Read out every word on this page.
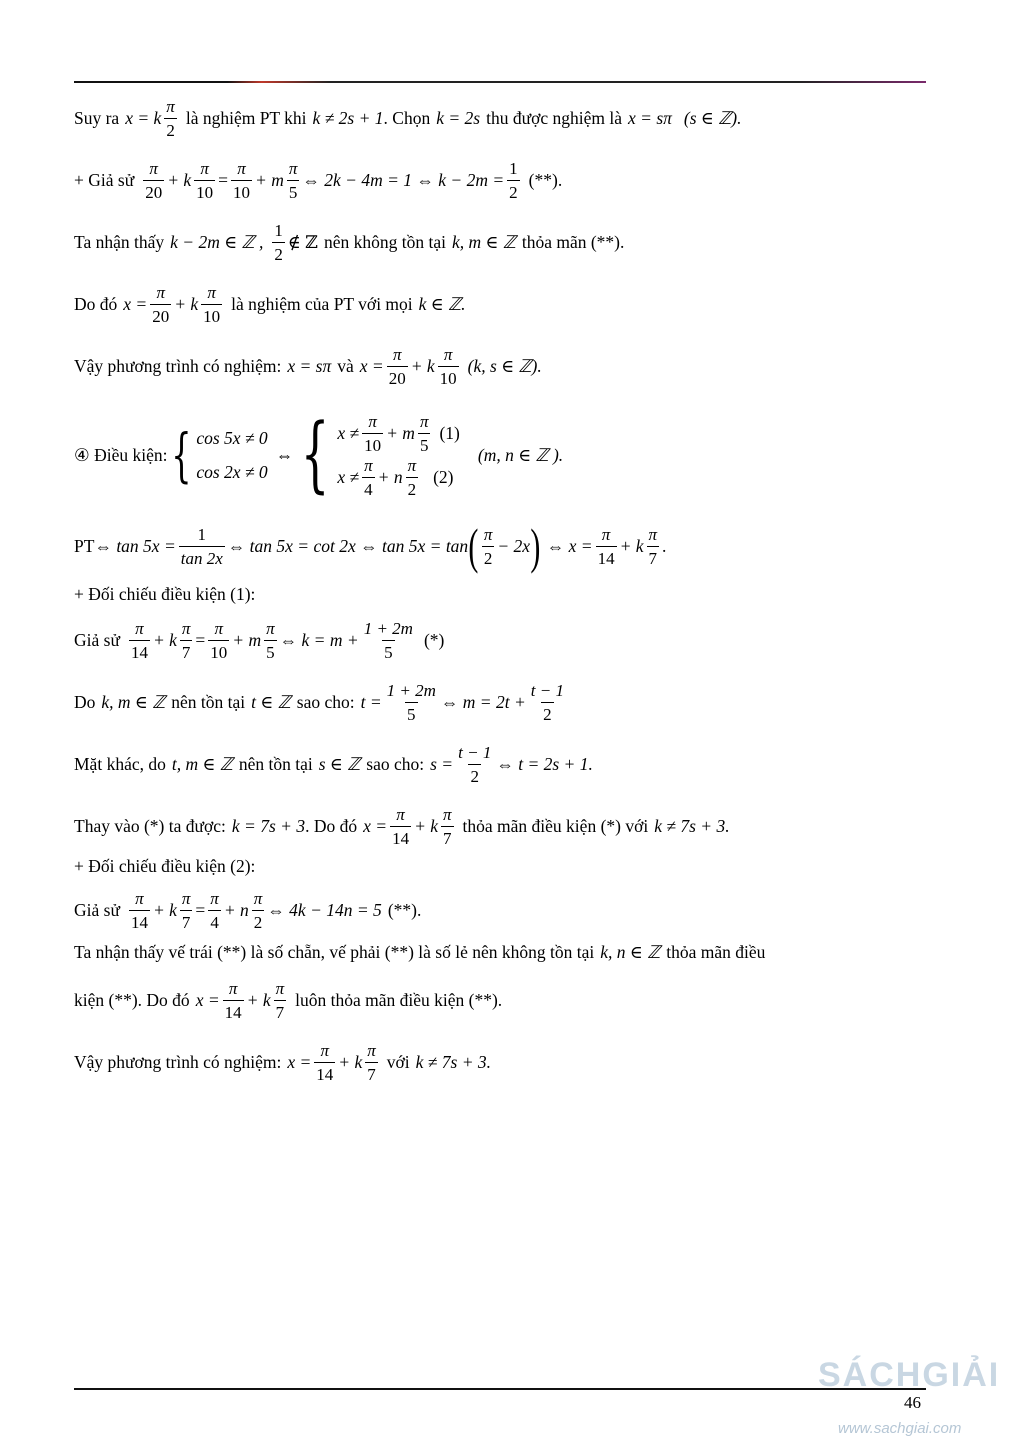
Suy ra x = k $\frac{\pi}{2}$ là nghiệm PT khi k ≠ 2s + 1 . Chọn k = 2s thu được nghiệm là x = sπ (s ∈ ℤ).
+ Giả sử $\frac{\pi}{20} + k \frac{\pi}{10} = \frac{\pi}{10} + m \frac{\pi}{5}$ ⇔ 2k − 4m = 1 ⇔ $k - 2m = \frac{1}{2}$ (**).
Ta nhận thấy k − 2m ∈ ℤ , $\frac{1}{2}$ ∉ ℤ nên không tồn tại k, m ∈ ℤ thỏa mãn (**).
Do đó $x = \frac{\pi}{20} + k \frac{\pi}{10}$ là nghiệm của PT với mọi k ∈ ℤ.
Vậy phương trình có nghiệm: x = sπ và $x = \frac{\pi}{20} + k \frac{\pi}{10} (k$, s ∈ ℤ).
④ Điều kiện: { cos 5x ≠ 0
cos 2x ≠ 0
⇔ { $x \ne \frac{\pi}{10} + m \frac{\pi}{5} (1)$
$x \ne \frac{\pi}{4} + n \frac{\pi}{2} (2)$
(m, n ∈ ℤ ).
PT ⇔ $\tan 5x = \frac{1}{\tan 2x}$ ⇔ tan 5x = cot 2x ⇔ tan 5x = tan ( $\frac{\pi}{2} - 2x$ ) ⇔ $x = \frac{\pi}{14} + k \frac{\pi}{7}$ .
+ Đối chiếu điều kiện (1):
Giả sử $\frac{\pi}{14} + k \frac{\pi}{7} = \frac{\pi}{10} + m \frac{\pi}{5}$ ⇔ $k = m + \frac{1 + 2m}{5}$ (*)
Do k, m ∈ ℤ nên tồn tại t ∈ ℤ sao cho: $t = \frac{1 + 2m}{5}$ ⇔ $m = 2t + \frac{t - 1}{2}$
Mặt khác, do t, m ∈ ℤ nên tồn tại s ∈ ℤ sao cho: $s = \frac{t - 1}{2}$ ⇔ t = 2s + 1.
Thay vào (*) ta được: k = 7s + 3 . Do đó $x = \frac{\pi}{14} + k \frac{\pi}{7}$ thỏa mãn điều kiện (*) với k ≠ 7s + 3.
+ Đối chiếu điều kiện (2):
Giả sử $\frac{\pi}{14} + k \frac{\pi}{7} = \frac{\pi}{4} + n \frac{\pi}{2}$ ⇔ 4k − 14n = 5 (**).
Ta nhận thấy vế trái (**) là số chẵn, vế phải (**) là số lẻ nên không tồn tại k, n ∈ ℤ thỏa mãn điều
kiện (**). Do đó $x = \frac{\pi}{14} + k \frac{\pi}{7}$ luôn thỏa mãn điều kiện (**).
Vậy phương trình có nghiệm: $x = \frac{\pi}{14} + k \frac{\pi}{7}$ với k ≠ 7s + 3.
SÁCHGIẢI
46
www.sachgiai.com
